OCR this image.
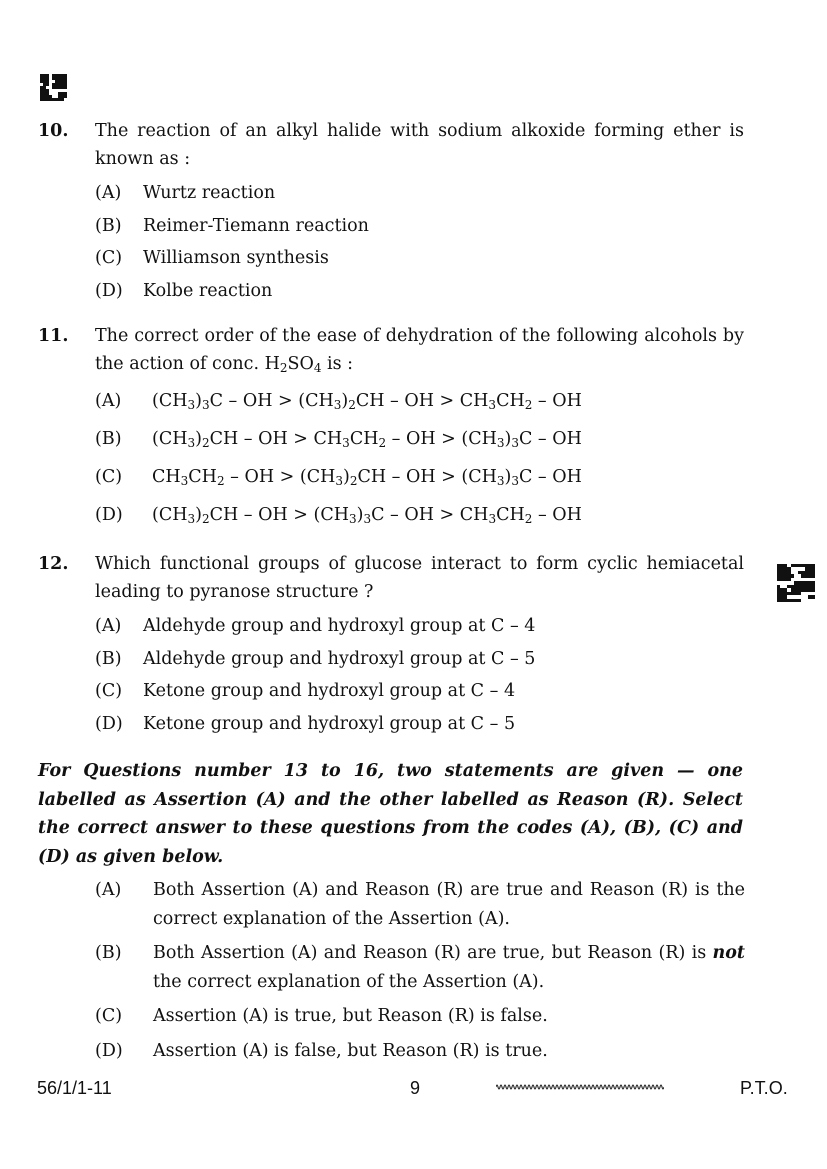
10. The reaction of an alkyl halide with sodium alkoxide forming ether is known as :
(A)	Wurtz reaction
(B)	Reimer-Tiemann reaction
(C)	Williamson synthesis
(D)	Kolbe reaction
11. The correct order of the ease of dehydration of the following alcohols by the action of conc. $H_2SO_4$ is :
(A)	$(CH_3)_3C$ – OH > $(CH_3)_2CH$ – OH > $CH_3CH_2$ – OH
(B)	$(CH_3)_2CH$ – OH > $CH_3CH_2$ – OH > $(CH_3)_3C$ – OH
(C)	$CH_3CH_2$ – OH > $(CH_3)_2CH$ – OH > $(CH_3)_3C$ – OH
(D)	$(CH_3)_2CH$ – OH > $(CH_3)_3C$ – OH > $CH_3CH_2$ – OH
12. Which functional groups of glucose interact to form cyclic hemiacetal leading to pyranose structure ?
(A)	Aldehyde group and hydroxyl group at C – 4
(B)	Aldehyde group and hydroxyl group at C – 5
(C)	Ketone group and hydroxyl group at C – 4
(D)	Ketone group and hydroxyl group at C – 5
For Questions number 13 to 16, two statements are given — one labelled as Assertion (A) and the other labelled as Reason (R). Select the correct answer to these questions from the codes (A), (B), (C) and (D) as given below.
(A)	Both Assertion (A) and Reason (R) are true and Reason (R) is the correct explanation of the Assertion (A).
(B)	Both Assertion (A) and Reason (R) are true, but Reason (R) is not the correct explanation of the Assertion (A).
(C)	Assertion (A) is true, but Reason (R) is false.
(D)	Assertion (A) is false, but Reason (R) is true.
56/1/1-11	9	P.T.O.
